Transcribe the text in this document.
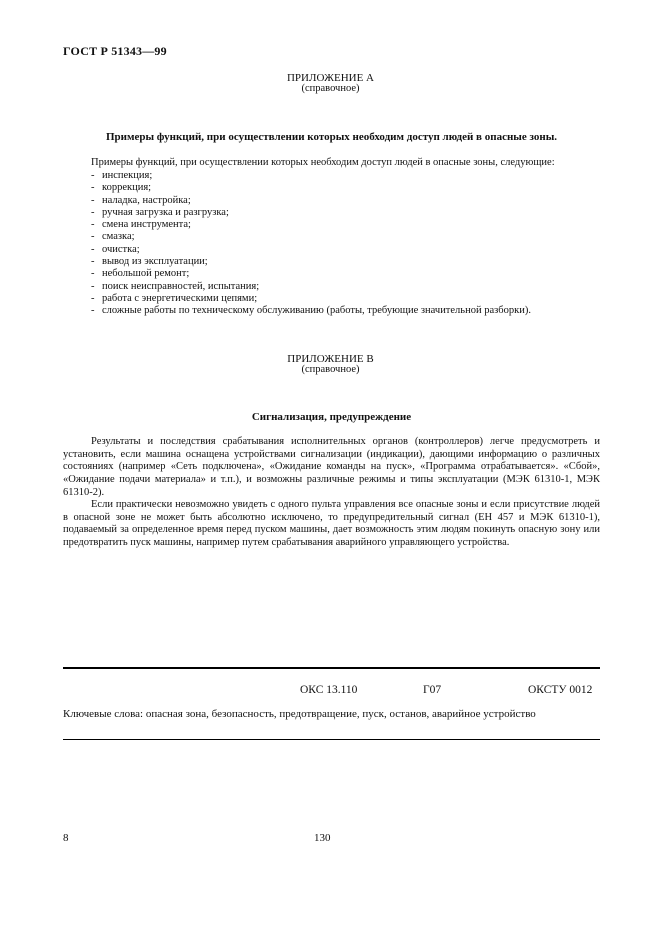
ГОСТ Р 51343—99
ПРИЛОЖЕНИЕ А
(справочное)
Примеры функций, при осуществлении которых необходим доступ людей в опасные зоны.
Примеры функций, при осуществлении которых необходим доступ людей в опасные зоны, следующие:
- инспекция;
- коррекция;
- наладка, настройка;
- ручная загрузка и разгрузка;
- смена инструмента;
- смазка;
- очистка;
- вывод из эксплуатации;
- небольшой ремонт;
- поиск неисправностей, испытания;
- работа с энергетическими цепями;
- сложные работы по техническому обслуживанию (работы, требующие значительной разборки).
ПРИЛОЖЕНИЕ В
(справочное)
Сигнализация, предупреждение

Результаты и последствия срабатывания исполнительных органов (контроллеров) легче предусмотреть и установить, если машина оснащена устройствами сигнализации (индикации), дающими информацию о различных состояниях (например «Сеть подключена», «Ожидание команды на пуск», «Программа отрабатывается». «Сбой», «Ожидание подачи материала» и т.п.), и возможны различные режимы и типы эксплуатации (МЭК 61310-1, МЭК 61310-2).

Если практически невозможно увидеть с одного пульта управления все опасные зоны и если присутствие людей в опасной зоне не может быть абсолютно исключено, то предупредительный сигнал (ЕН 457 и МЭК 61310-1), подаваемый за определенное время перед пуском машины, дает возможность этим людям покинуть опасную зону или предотвратить пуск машины, например путем срабатывания аварийного управляющего устройства.

ОКС 13.110	Г07	ОКСТУ 0012
Ключевые слова: опасная зона, безопасность, предотвращение, пуск, останов, аварийное устройство
8	130
